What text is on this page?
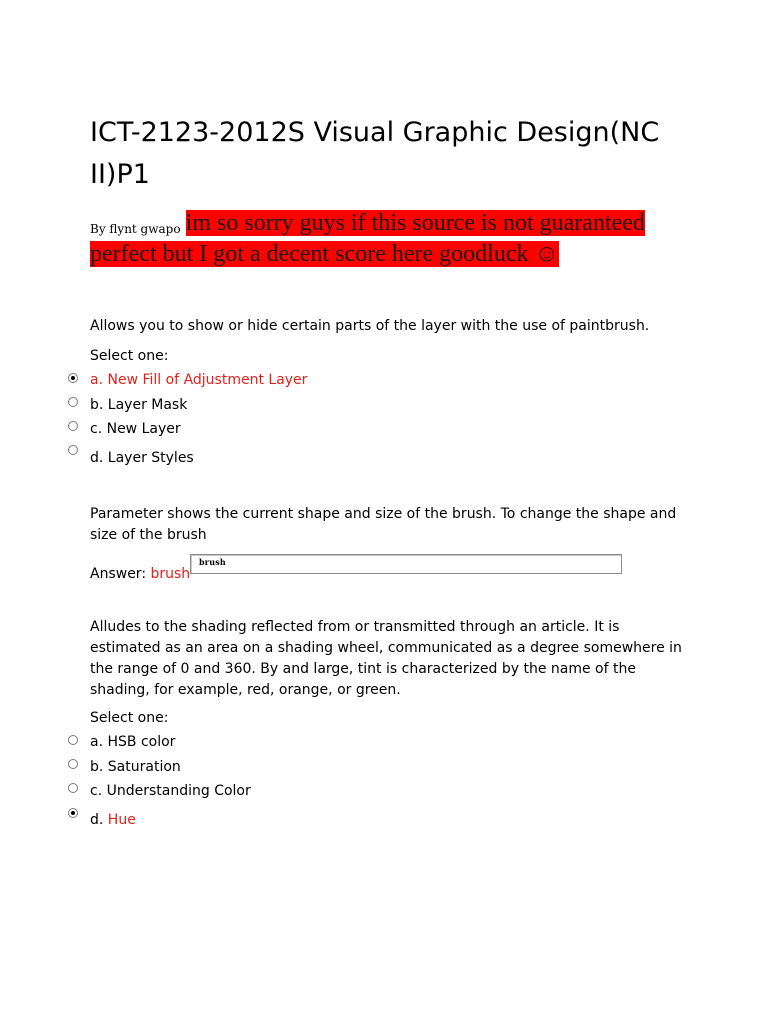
ICT-2123-2012S Visual Graphic Design(NC II)P1
By flynt gwapo im so sorry guys if this source is not guaranteed
perfect but I got a decent score here goodluck ☺
Allows you to show or hide certain parts of the layer with the use of paintbrush.
Select one:
a. New Fill of Adjustment Layer
b. Layer Mask
c. New Layer
d. Layer Styles
Parameter shows the current shape and size of the brush. To change the shape and size of the brush
Answer: brush
brush
Alludes to the shading reflected from or transmitted through an article. It is estimated as an area on a shading wheel, communicated as a degree somewhere in the range of 0 and 360. By and large, tint is characterized by the name of the shading, for example, red, orange, or green.
Select one:
a. HSB color
b. Saturation
c. Understanding Color
d. Hue
